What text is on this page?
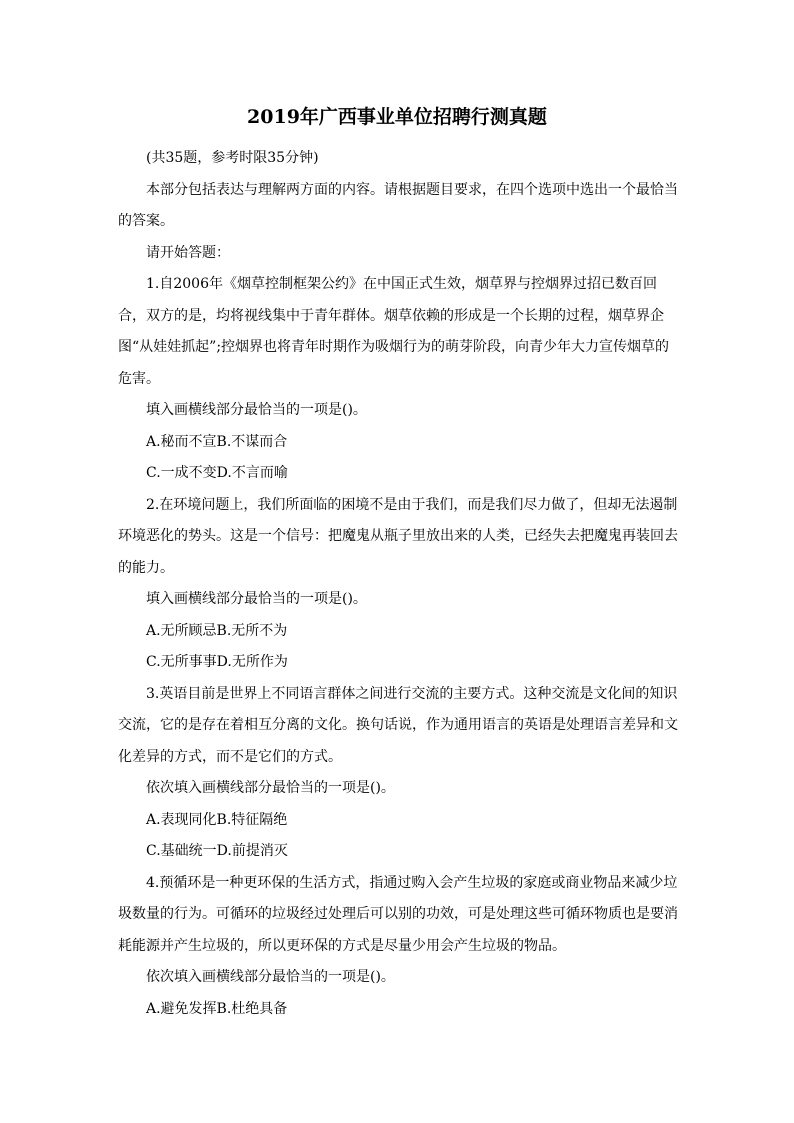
2019年广西事业单位招聘行测真题

(共35题，参考时限35分钟)

本部分包括表达与理解两方面的内容。请根据题目要求，在四个选项中选出一个最恰当的答案。

请开始答题：

1.自2006年《烟草控制框架公约》在中国正式生效，烟草界与控烟界过招已数百回合，双方的是，均将视线集中于青年群体。烟草依赖的形成是一个长期的过程，烟草界企图“从娃娃抓起”;控烟界也将青年时期作为吸烟行为的萌芽阶段，向青少年大力宣传烟草的危害。

填入画横线部分最恰当的一项是()。

A.秘而不宣B.不谋而合

C.一成不变D.不言而喻

2.在环境问题上，我们所面临的困境不是由于我们，而是我们尽力做了，但却无法遏制环境恶化的势头。这是一个信号：把魔鬼从瓶子里放出来的人类，已经失去把魔鬼再装回去的能力。

填入画横线部分最恰当的一项是()。

A.无所顾忌B.无所不为

C.无所事事D.无所作为

3.英语目前是世界上不同语言群体之间进行交流的主要方式。这种交流是文化间的知识交流，它的是存在着相互分离的文化。换句话说，作为通用语言的英语是处理语言差异和文化差异的方式，而不是它们的方式。

依次填入画横线部分最恰当的一项是()。

A.表现同化B.特征隔绝

C.基础统一D.前提消灭

4.预循环是一种更环保的生活方式，指通过购入会产生垃圾的家庭或商业物品来减少垃圾数量的行为。可循环的垃圾经过处理后可以别的功效，可是处理这些可循环物质也是要消耗能源并产生垃圾的，所以更环保的方式是尽量少用会产生垃圾的物品。

依次填入画横线部分最恰当的一项是()。

A.避免发挥B.杜绝具备
